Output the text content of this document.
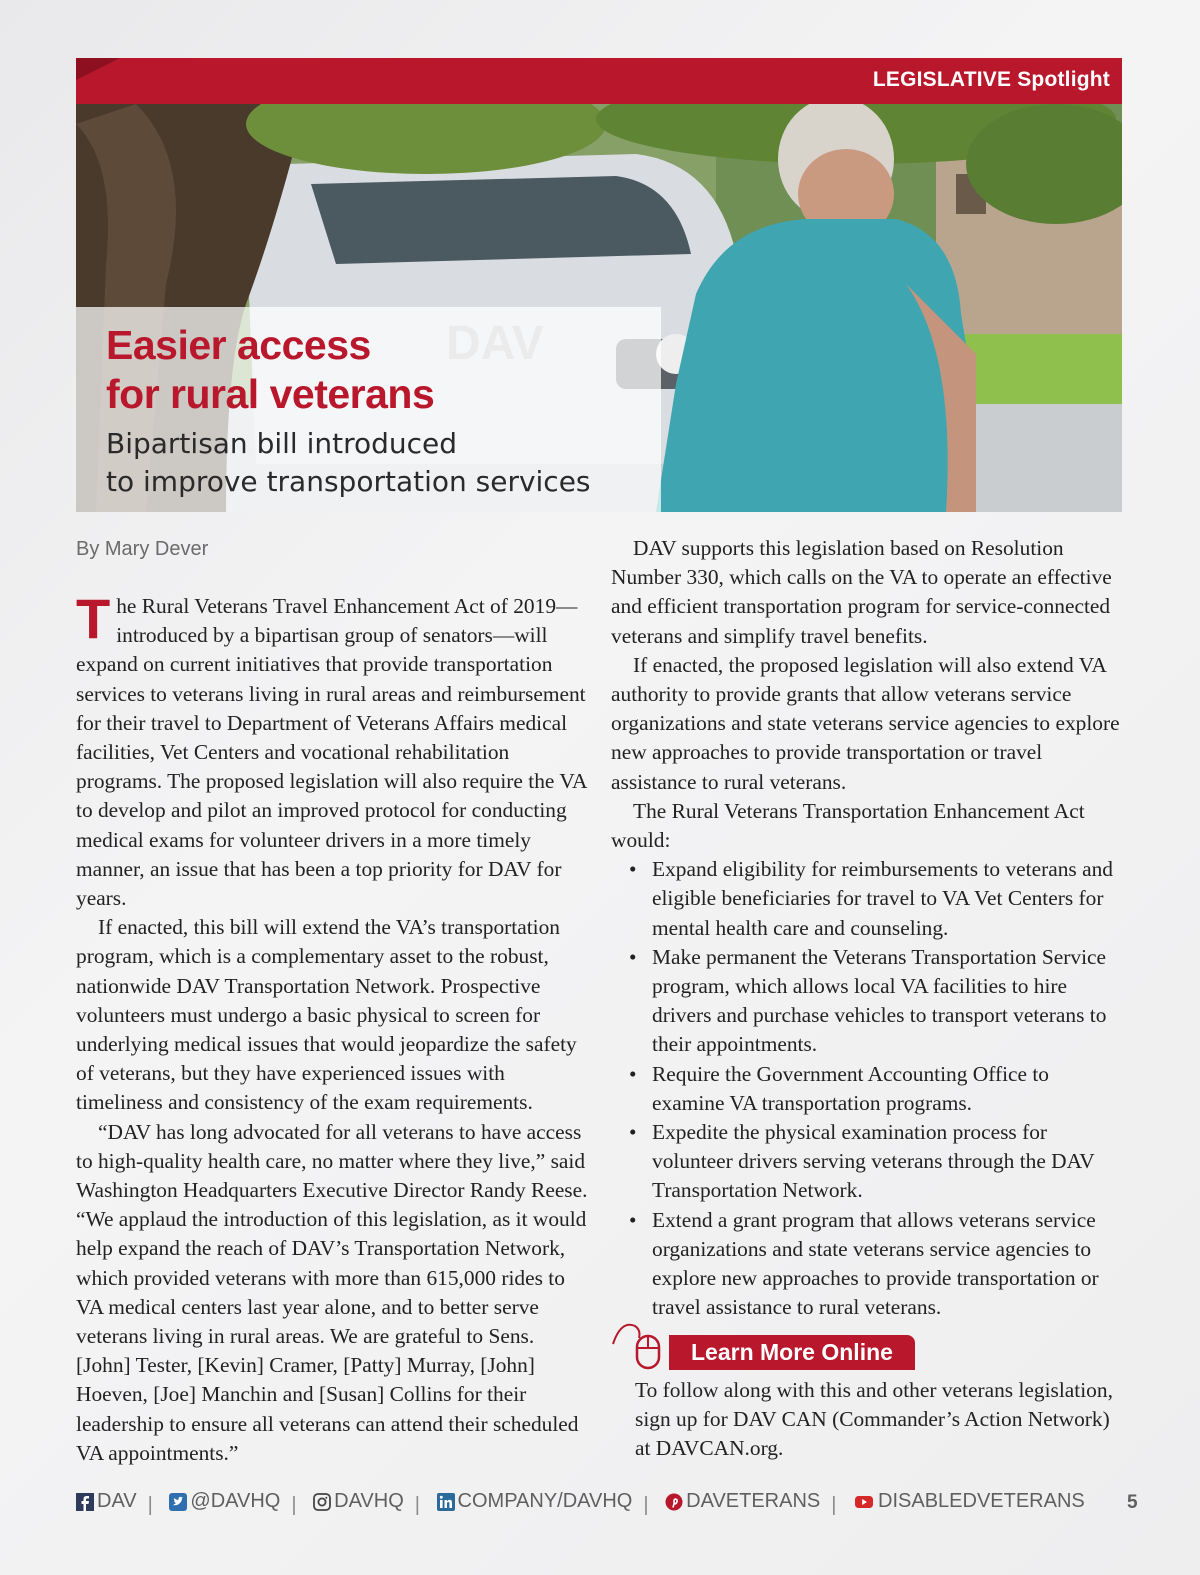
LEGISLATIVE Spotlight
Easier access
for rural veterans
Bipartisan bill introduced
to improve transportation services
By Mary Dever

The Rural Veterans Travel Enhancement Act of 2019—introduced by a bipartisan group of senators—will expand on current initiatives that provide transportation services to veterans living in rural areas and reimbursement for their travel to Department of Veterans Affairs medical facilities, Vet Centers and vocational rehabilitation programs. The proposed legislation will also require the VA to develop and pilot an improved protocol for conducting medical exams for volunteer drivers in a more timely manner, an issue that has been a top priority for DAV for years.

If enacted, this bill will extend the VA’s transportation program, which is a complementary asset to the robust, nationwide DAV Transportation Network. Prospective volunteers must undergo a basic physical to screen for underlying medical issues that would jeopardize the safety of veterans, but they have experienced issues with timeliness and consistency of the exam requirements.

“DAV has long advocated for all veterans to have access to high-quality health care, no matter where they live,” said Washington Headquarters Executive Director Randy Reese. “We applaud the introduction of this legislation, as it would help expand the reach of DAV’s Transportation Network, which provided veterans with more than 615,000 rides to VA medical centers last year alone, and to better serve veterans living in rural areas. We are grateful to Sens. [John] Tester, [Kevin] Cramer, [Patty] Murray, [John] Hoeven, [Joe] Manchin and [Susan] Collins for their leadership to ensure all veterans can attend their scheduled VA appointments.”

DAV supports this legislation based on Resolution Number 330, which calls on the VA to operate an effective and efficient transportation program for service-connected veterans and simplify travel benefits.

If enacted, the proposed legislation will also extend VA authority to provide grants that allow veterans service organizations and state veterans service agencies to explore new approaches to provide transportation or travel assistance to rural veterans.

The Rural Veterans Transportation Enhancement Act would:

• Expand eligibility for reimbursements to veterans and eligible beneficiaries for travel to VA Vet Centers for mental health care and counseling.
• Make permanent the Veterans Transportation Service program, which allows local VA facilities to hire drivers and purchase vehicles to transport veterans to their appointments.
• Require the Government Accounting Office to examine VA transportation programs.
• Expedite the physical examination process for volunteer drivers serving veterans through the DAV Transportation Network.
• Extend a grant program that allows veterans service organizations and state veterans service agencies to explore new approaches to provide transportation or travel assistance to rural veterans.
Learn More Online
To follow along with this and other veterans legislation, sign up for DAV CAN (Commander’s Action Network) at DAVCAN.org.
DAV | @DAVHQ | DAVHQ | COMPANY/DAVHQ | DAVETERANS | DISABLEDVETERANS 5
